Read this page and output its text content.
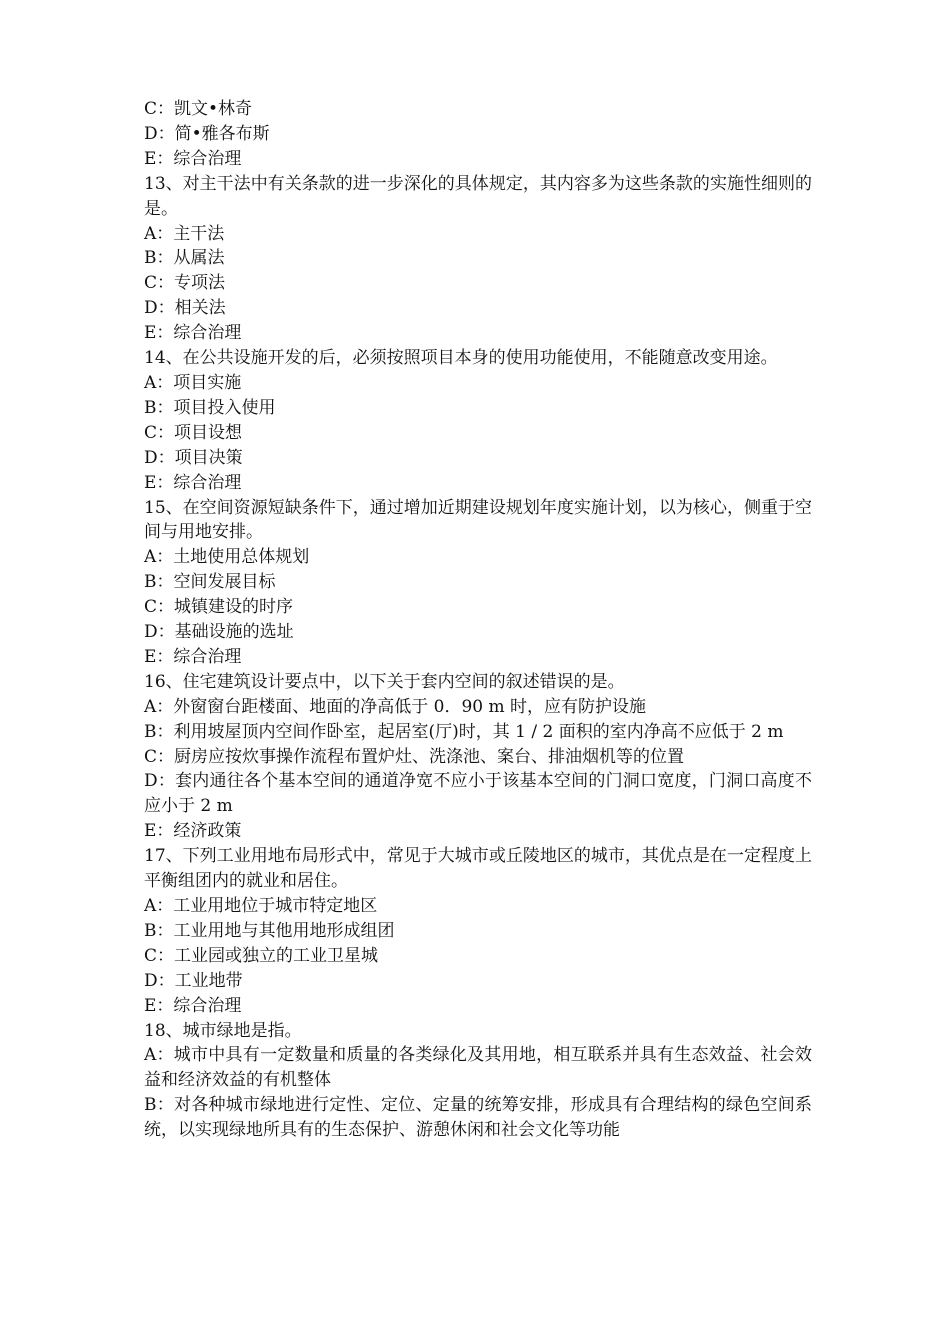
C：凯文•林奇
D：简•雅各布斯
E：综合治理
13、对主干法中有关条款的进一步深化的具体规定，其内容多为这些条款的实施性细则的是。
A：主干法
B：从属法
C：专项法
D：相关法
E：综合治理
14、在公共设施开发的后，必须按照项目本身的使用功能使用，不能随意改变用途。
A：项目实施
B：项目投入使用
C：项目设想
D：项目决策
E：综合治理
15、在空间资源短缺条件下，通过增加近期建设规划年度实施计划，以为核心，侧重于空间与用地安排。
A：土地使用总体规划
B：空间发展目标
C：城镇建设的时序
D：基础设施的选址
E：综合治理
16、住宅建筑设计要点中，以下关于套内空间的叙述错误的是。
A：外窗窗台距楼面、地面的净高低于 0．90 m 时，应有防护设施
B：利用坡屋顶内空间作卧室，起居室(厅)时，其 1 / 2 面积的室内净高不应低于 2 m
C：厨房应按炊事操作流程布置炉灶、洗涤池、案台、排油烟机等的位置
D：套内通往各个基本空间的通道净宽不应小于该基本空间的门洞口宽度，门洞口高度不应小于 2 m
E：经济政策
17、下列工业用地布局形式中，常见于大城市或丘陵地区的城市，其优点是在一定程度上平衡组团内的就业和居住。
A：工业用地位于城市特定地区
B：工业用地与其他用地形成组团
C：工业园或独立的工业卫星城
D：工业地带
E：综合治理
18、城市绿地是指。
A：城市中具有一定数量和质量的各类绿化及其用地，相互联系并具有生态效益、社会效益和经济效益的有机整体
B：对各种城市绿地进行定性、定位、定量的统筹安排，形成具有合理结构的绿色空间系统，以实现绿地所具有的生态保护、游憩休闲和社会文化等功能
